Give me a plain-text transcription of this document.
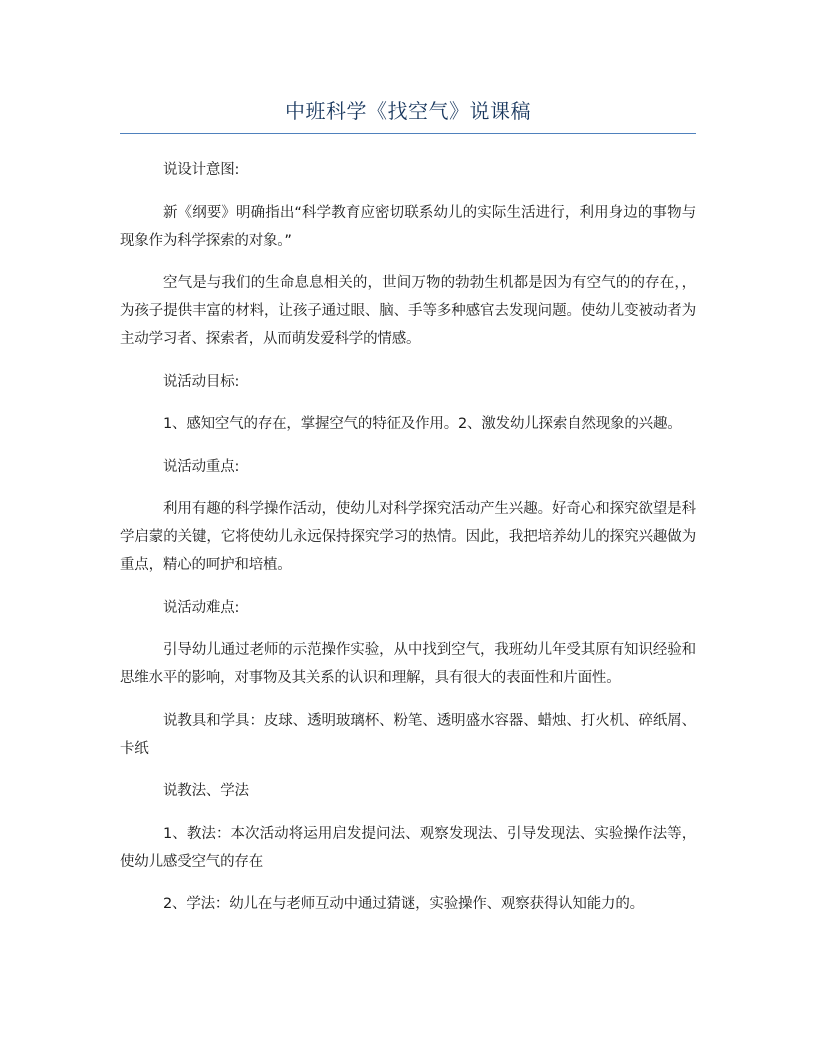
中班科学《找空气》说课稿

说设计意图:

新《纲要》明确指出“科学教育应密切联系幼儿的实际生活进行，利用身边的事物与现象作为科学探索的对象。”

空气是与我们的生命息息相关的，世间万物的勃勃生机都是因为有空气的的存在，，为孩子提供丰富的材料，让孩子通过眼、脑、手等多种感官去发现问题。使幼儿变被动者为主动学习者、探索者，从而萌发爱科学的情感。

说活动目标:

1、感知空气的存在，掌握空气的特征及作用。2、激发幼儿探索自然现象的兴趣。

说活动重点:

利用有趣的科学操作活动，使幼儿对科学探究活动产生兴趣。好奇心和探究欲望是科学启蒙的关键，它将使幼儿永远保持探究学习的热情。因此，我把培养幼儿的探究兴趣做为重点，精心的呵护和培植。

说活动难点:

引导幼儿通过老师的示范操作实验，从中找到空气，我班幼儿年受其原有知识经验和思维水平的影响，对事物及其关系的认识和理解，具有很大的表面性和片面性。

说教具和学具：皮球、透明玻璃杯、粉笔、透明盛水容器、蜡烛、打火机、碎纸屑、卡纸

说教法、学法

1、教法：本次活动将运用启发提问法、观察发现法、引导发现法、实验操作法等，使幼儿感受空气的存在

2、学法：幼儿在与老师互动中通过猜谜，实验操作、观察获得认知能力的。
